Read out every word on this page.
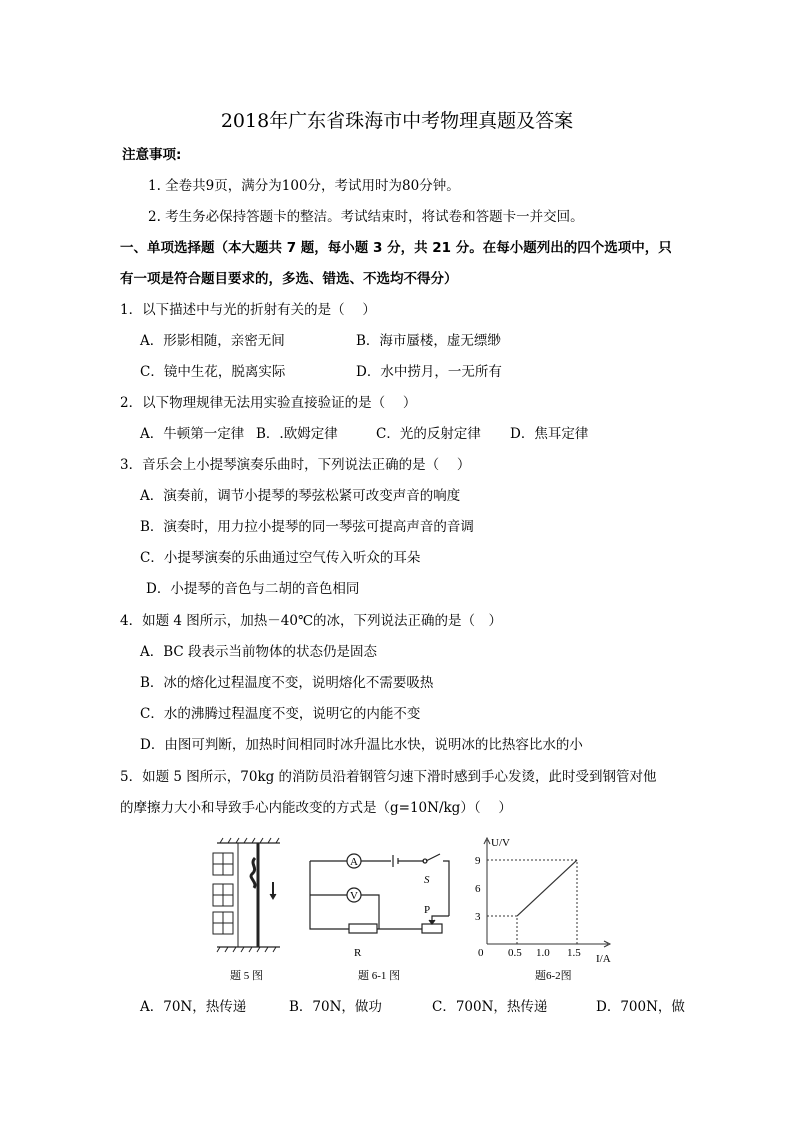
2018年广东省珠海市中考物理真题及答案
注意事项:
1. 全卷共9页，满分为100分，考试用时为80分钟。
2. 考生务必保持答题卡的整洁。考试结束时，将试卷和答题卡一并交回。
一、单项选择题（本大题共 7 题，每小题 3 分，共 21 分。在每小题列出的四个选项中，只
有一项是符合题目要求的，多选、错选、不选均不得分）
1．以下描述中与光的折射有关的是（　 ）
A．形影相随，亲密无间	B．海市蜃楼，虚无缥缈
C．镜中生花，脱离实际	D．水中捞月，一无所有
2．以下物理规律无法用实验直接验证的是（　 ）
A．牛顿第一定律 B．.欧姆定律	C．光的反射定律 D．焦耳定律
3．音乐会上小提琴演奏乐曲时，下列说法正确的是（　 ）
A．演奏前，调节小提琴的琴弦松紧可改变声音的响度
B．演奏时，用力拉小提琴的同一琴弦可提高声音的音调
C．小提琴演奏的乐曲通过空气传入听众的耳朵
D．小提琴的音色与二胡的音色相同
4．如题 4 图所示，加热－40℃的冰，下列说法正确的是（　）
A．BC 段表示当前物体的状态仍是固态
B．冰的熔化过程温度不变，说明熔化不需要吸热
C．水的沸腾过程温度不变，说明它的内能不变
D．由图可判断，加热时间相同时冰升温比水快，说明冰的比热容比水的小
5．如题 5 图所示，70kg 的消防员沿着钢管匀速下滑时感到手心发烫，此时受到钢管对他
的摩擦力大小和导致手心内能改变的方式是（g=10N/kg）（　 ）
A．70N，热传递	B．70N，做功	C．700N，热传递	D．700N，做
题 5 图
A
V
S
P
R
题 6-1 图
U/V
I/A
0
3
6
9
0.5 1.0 1.5
题6-2图
